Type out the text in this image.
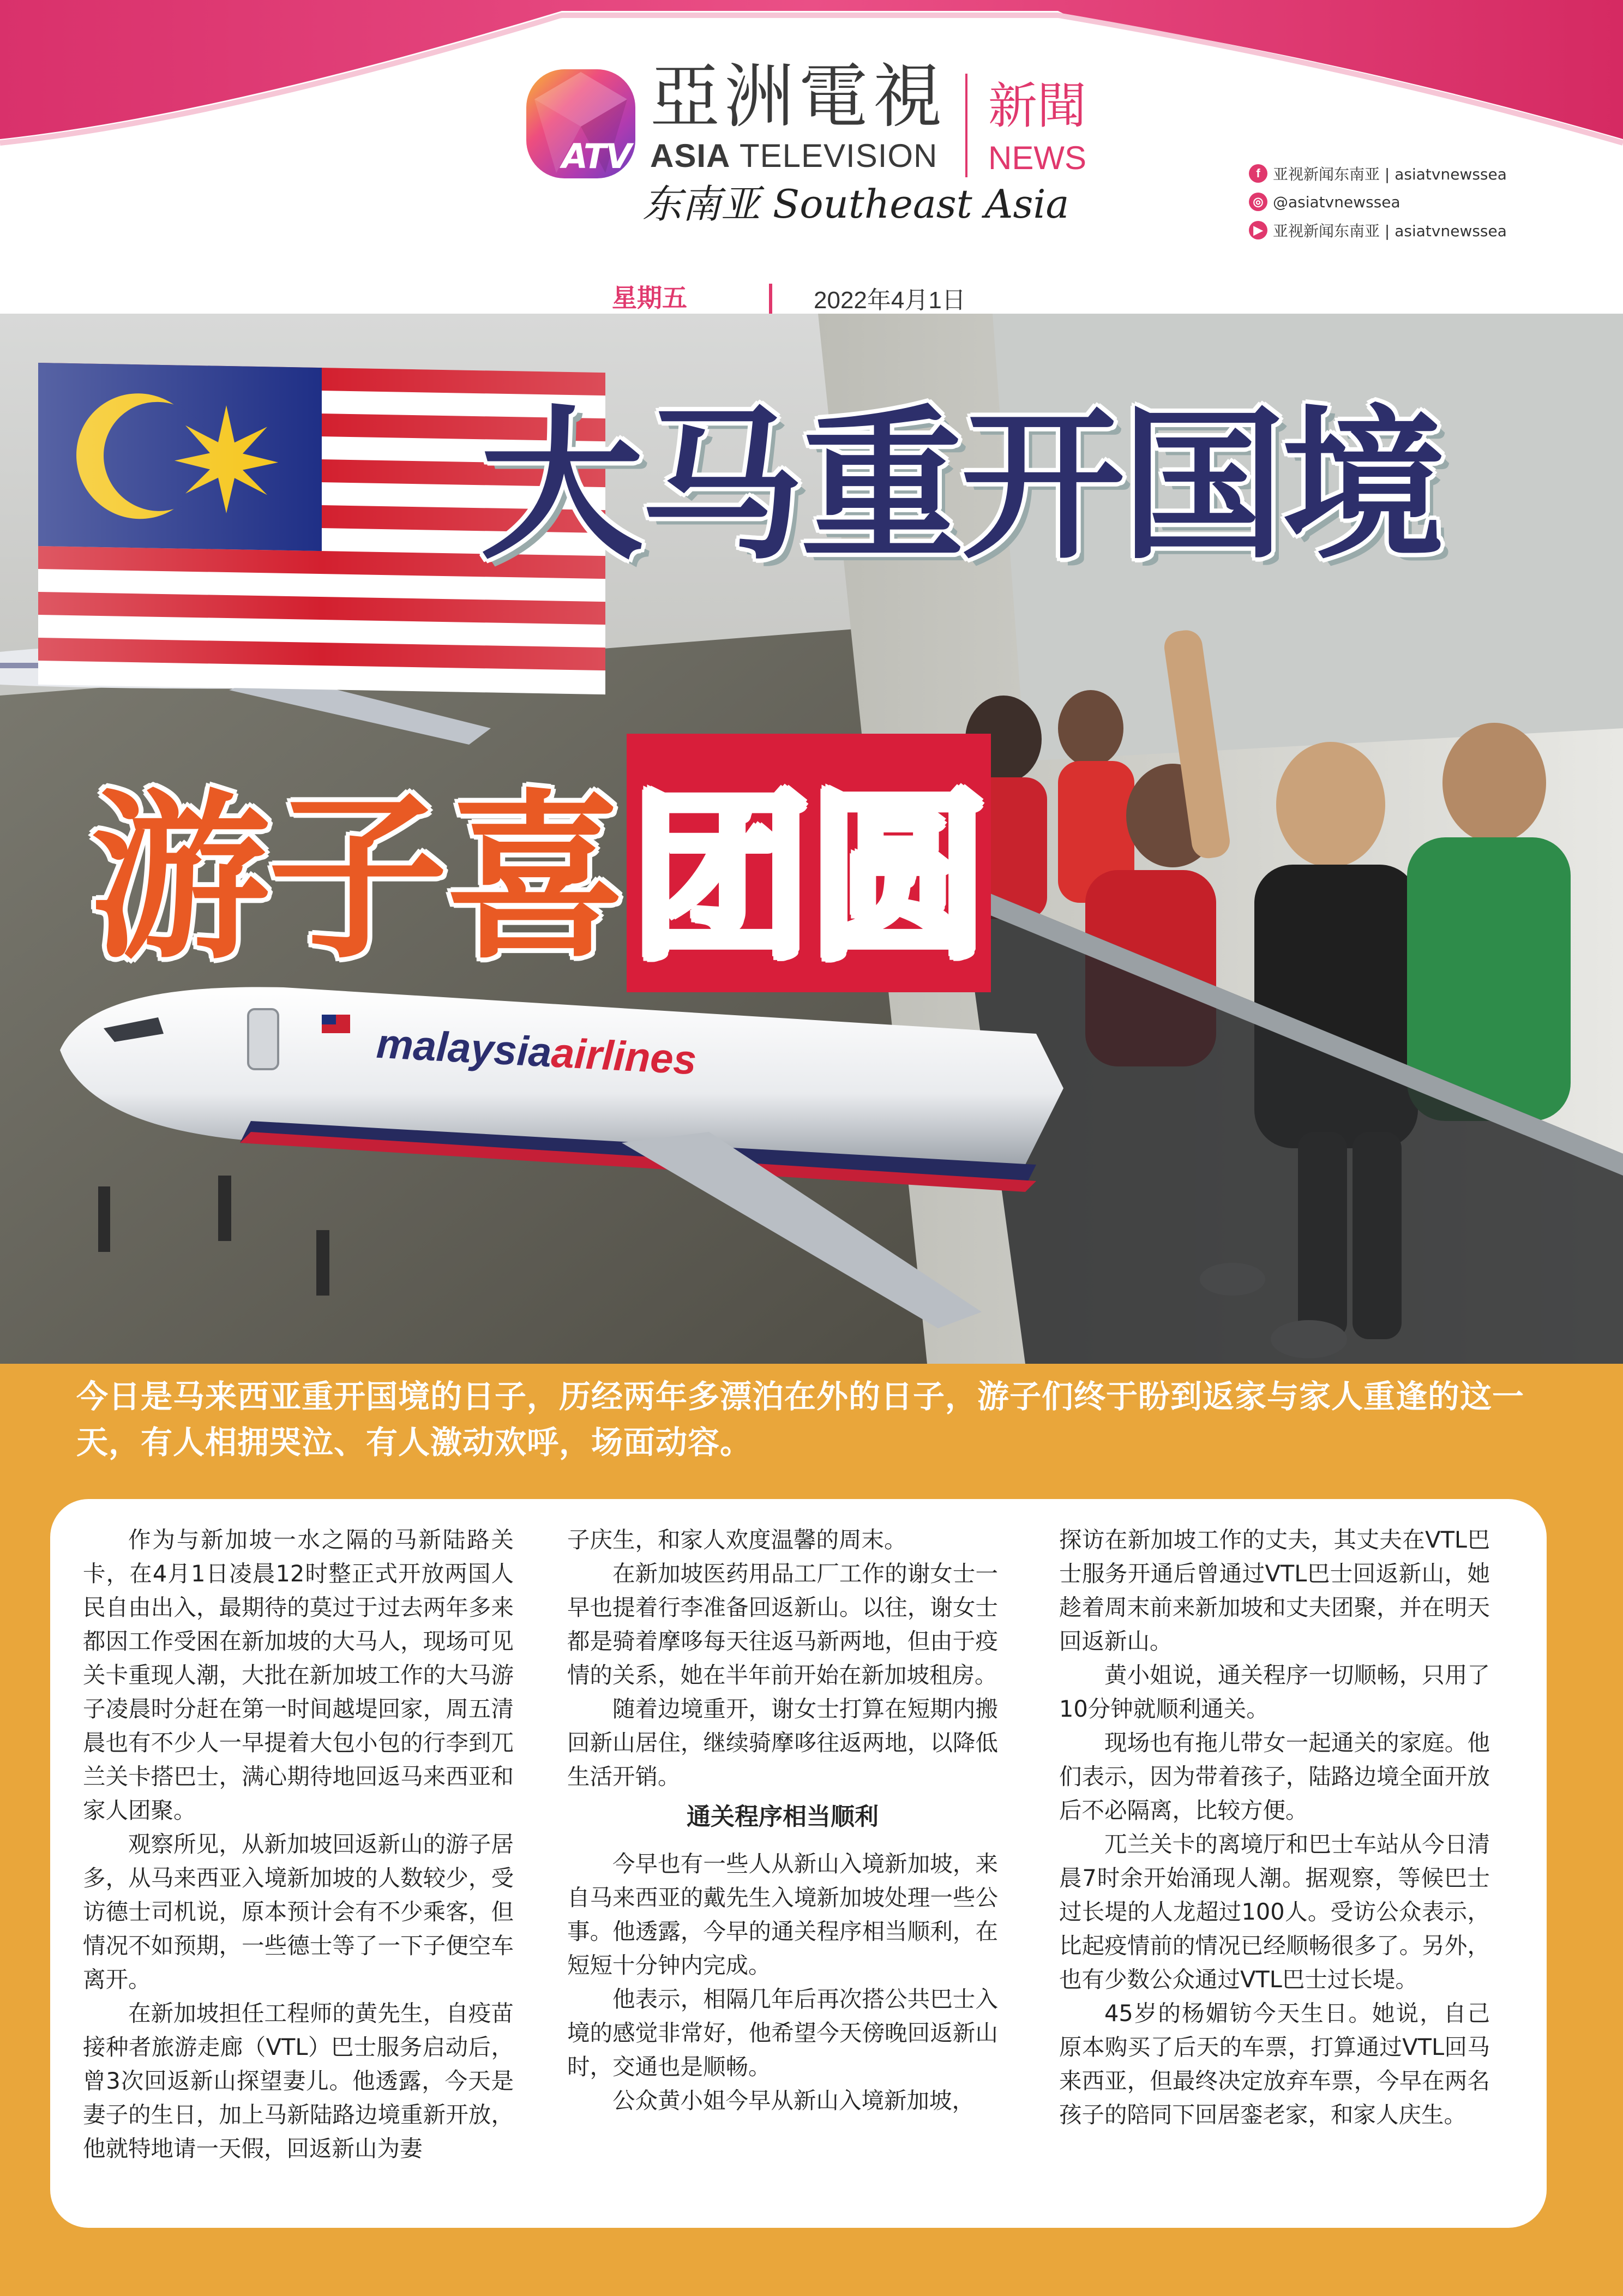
ATV
亞洲電視
ASIA TELEVISION
新聞
NEWS
东南亚 Southeast Asia
f 亚视新闻东南亚 | asiatvnewssea
◎ @asiatvnewssea
▶ 亚视新闻东南亚 | asiatvnewssea
星期五	2022年4月1日
大马重开国境
游子喜团圆
malaysiaairlines
今日是马来西亚重开国境的日子，历经两年多漂泊在外的日子，游子们终于盼到返家与家人重逢的这一天，有人相拥哭泣、有人激动欢呼，场面动容。

作为与新加坡一水之隔的马新陆路关卡，在4月1日凌晨12时整正式开放两国人民自由出入，最期待的莫过于过去两年多来都因工作受困在新加坡的大马人，现场可见关卡重现人潮，大批在新加坡工作的大马游子凌晨时分赶在第一时间越堤回家，周五清晨也有不少人一早提着大包小包的行李到兀兰关卡搭巴士，满心期待地回返马来西亚和家人团聚。

观察所见，从新加坡回返新山的游子居多，从马来西亚入境新加坡的人数较少，受访德士司机说，原本预计会有不少乘客，但情况不如预期，一些德士等了一下子便空车离开。

在新加坡担任工程师的黄先生，自疫苗接种者旅游走廊（VTL）巴士服务启动后，曾3次回返新山探望妻儿。他透露，今天是妻子的生日，加上马新陆路边境重新开放，他就特地请一天假，回返新山为妻

子庆生，和家人欢度温馨的周末。

在新加坡医药用品工厂工作的谢女士一早也提着行李准备回返新山。以往，谢女士都是骑着摩哆每天往返马新两地，但由于疫情的关系，她在半年前开始在新加坡租房。

随着边境重开，谢女士打算在短期内搬回新山居住，继续骑摩哆往返两地，以降低生活开销。

通关程序相当顺利

今早也有一些人从新山入境新加坡，来自马来西亚的戴先生入境新加坡处理一些公事。他透露，今早的通关程序相当顺利，在短短十分钟内完成。

他表示，相隔几年后再次搭公共巴士入境的感觉非常好，他希望今天傍晚回返新山时，交通也是顺畅。

公众黄小姐今早从新山入境新加坡，

探访在新加坡工作的丈夫，其丈夫在VTL巴士服务开通后曾通过VTL巴士回返新山，她趁着周末前来新加坡和丈夫团聚，并在明天回返新山。

黄小姐说，通关程序一切顺畅，只用了10分钟就顺利通关。

现场也有拖儿带女一起通关的家庭。他们表示，因为带着孩子，陆路边境全面开放后不必隔离，比较方便。

兀兰关卡的离境厅和巴士车站从今日清晨7时余开始涌现人潮。据观察，等候巴士过长堤的人龙超过100人。受访公众表示，比起疫情前的情况已经顺畅很多了。另外，也有少数公众通过VTL巴士过长堤。

45岁的杨媚钫今天生日。她说，自己原本购买了后天的车票，打算通过VTL回马来西亚，但最终决定放弃车票，今早在两名孩子的陪同下回居銮老家，和家人庆生。
